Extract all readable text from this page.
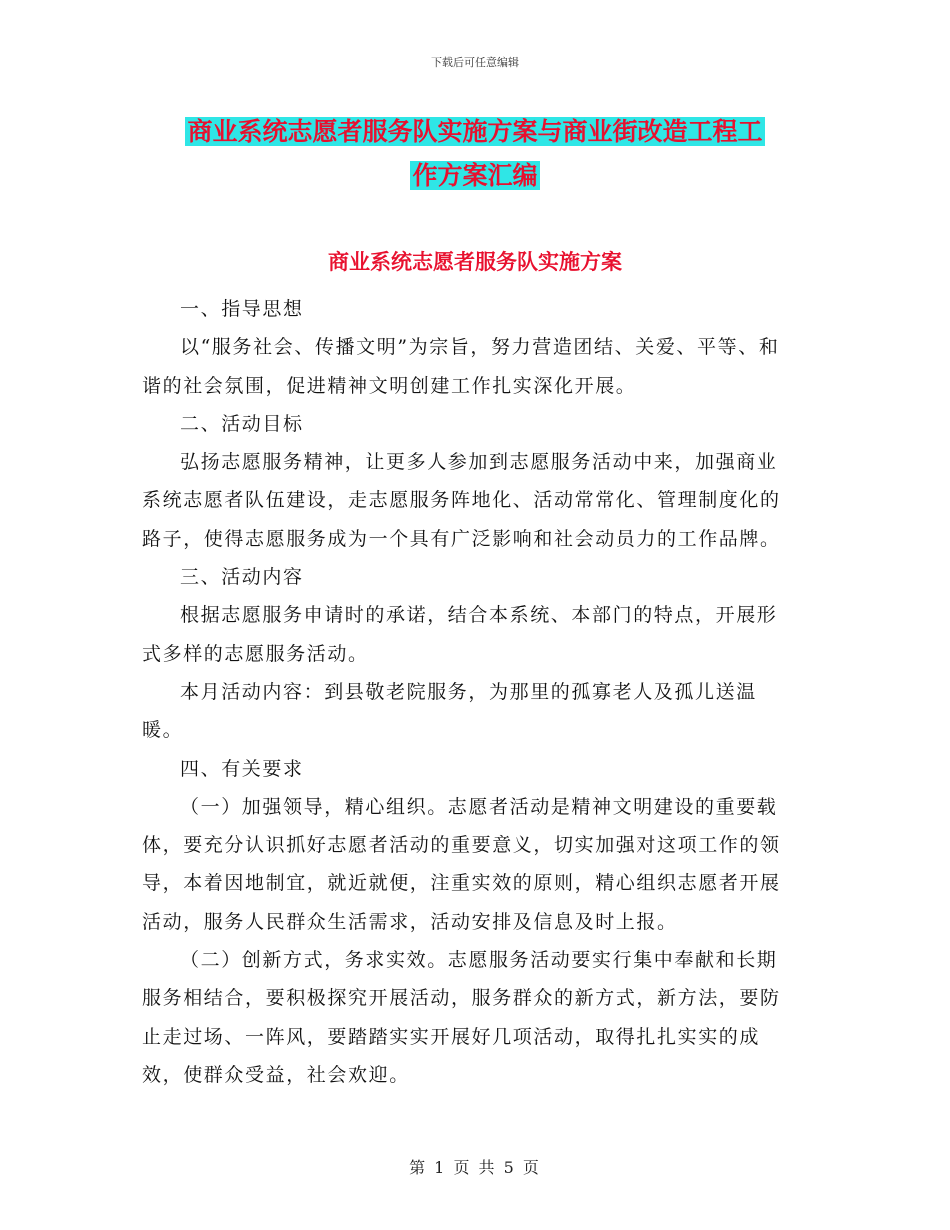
下载后可任意编辑
商业系统志愿者服务队实施方案与商业街改造工程工
作方案汇编
商业系统志愿者服务队实施方案

一、指导思想

以“服务社会、传播文明”为宗旨，努力营造团结、关爱、平等、和谐的社会氛围，促进精神文明创建工作扎实深化开展。

二、活动目标

弘扬志愿服务精神，让更多人参加到志愿服务活动中来，加强商业系统志愿者队伍建设，走志愿服务阵地化、活动常常化、管理制度化的路子，使得志愿服务成为一个具有广泛影响和社会动员力的工作品牌。

三、活动内容

根据志愿服务申请时的承诺，结合本系统、本部门的特点，开展形式多样的志愿服务活动。

本月活动内容：到县敬老院服务，为那里的孤寡老人及孤儿送温暖。

四、有关要求

（一）加强领导，精心组织。志愿者活动是精神文明建设的重要载体，要充分认识抓好志愿者活动的重要意义，切实加强对这项工作的领导，本着因地制宜，就近就便，注重实效的原则，精心组织志愿者开展活动，服务人民群众生活需求，活动安排及信息及时上报。

（二）创新方式，务求实效。志愿服务活动要实行集中奉献和长期服务相结合，要积极探究开展活动，服务群众的新方式，新方法，要防止走过场、一阵风，要踏踏实实开展好几项活动，取得扎扎实实的成效，使群众受益，社会欢迎。

第 1 页 共 5 页
